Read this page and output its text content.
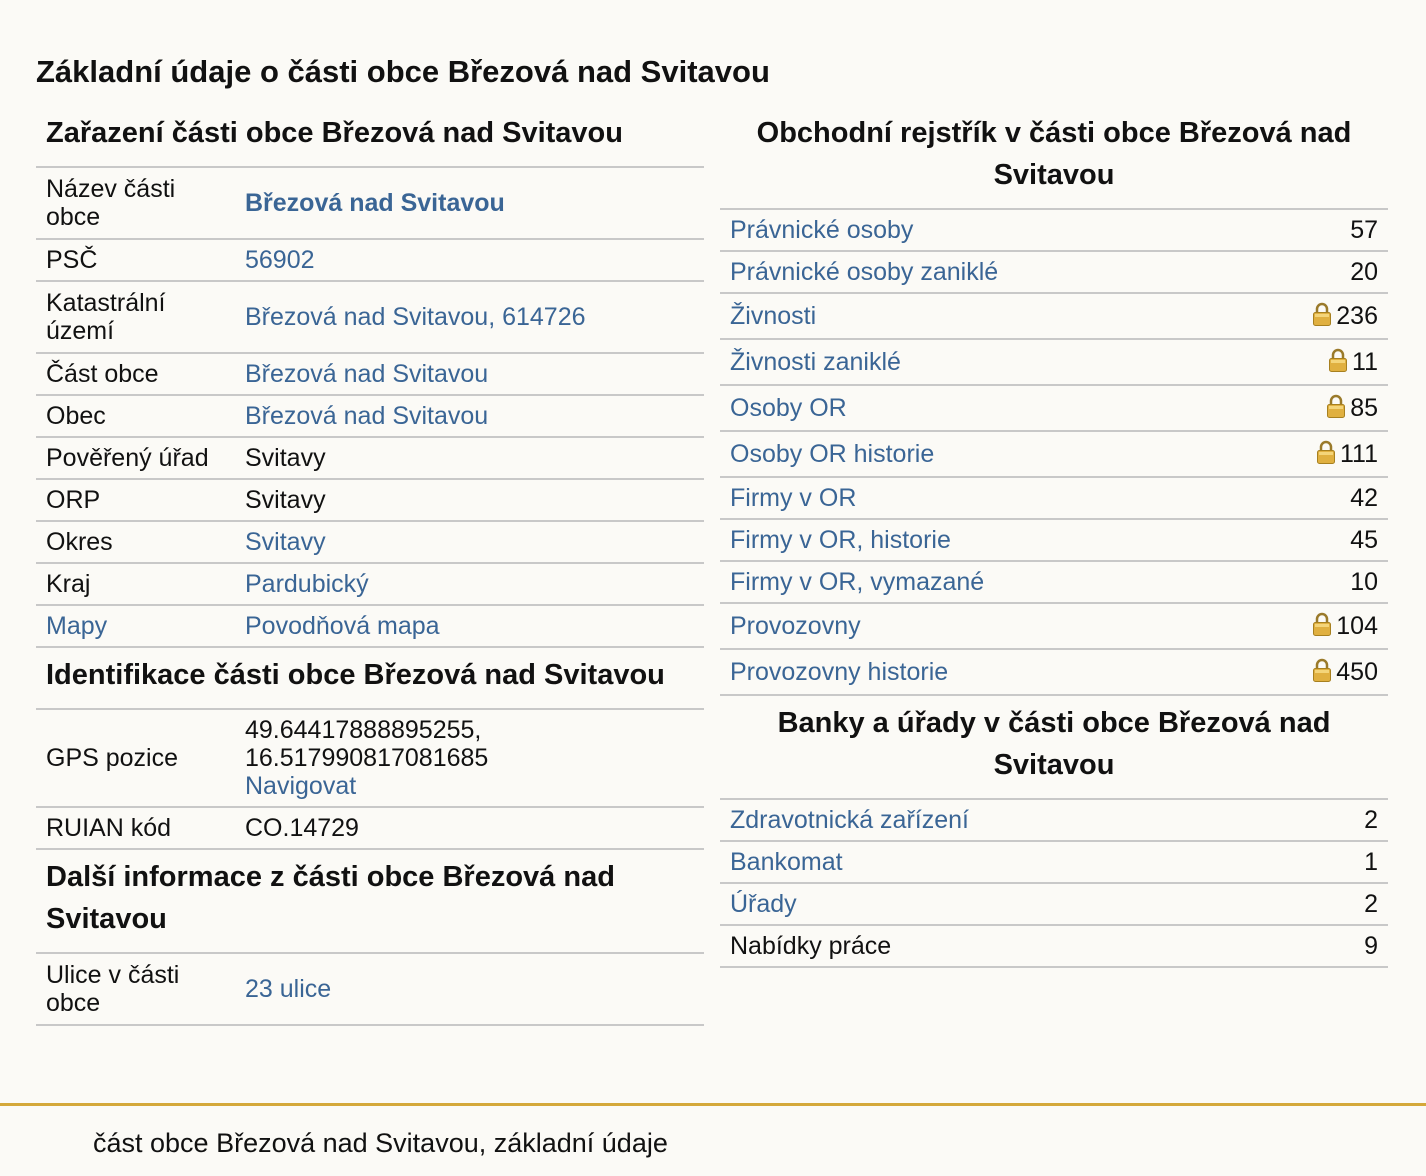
Základní údaje o části obce Březová nad Svitavou
Zařazení části obce Březová nad Svitavou
Název části obce	Březová nad Svitavou
PSČ	56902
Katastrální území	Březová nad Svitavou, 614726
Část obce	Březová nad Svitavou
Obec	Březová nad Svitavou
Pověřený úřad	Svitavy
ORP	Svitavy
Okres	Svitavy
Kraj	Pardubický
Mapy	Povodňová mapa
Identifikace části obce Březová nad Svitavou
GPS pozice	49.64417888895255,
16.517990817081685
Navigovat
RUIAN kód	CO.14729
Další informace z části obce Březová nad Svitavou
Ulice v části obce	23 ulice
Obchodní rejstřík v části obce Březová nad Svitavou
Právnické osoby	57
Právnické osoby zaniklé	20
Živnosti	236
Živnosti zaniklé	11
Osoby OR	85
Osoby OR historie	111
Firmy v OR	42
Firmy v OR, historie	45
Firmy v OR, vymazané	10
Provozovny	104
Provozovny historie	450
Banky a úřady v části obce Březová nad Svitavou
Zdravotnická zařízení	2
Bankomat	1
Úřady	2
Nabídky práce	9
část obce Březová nad Svitavou, základní údaje
